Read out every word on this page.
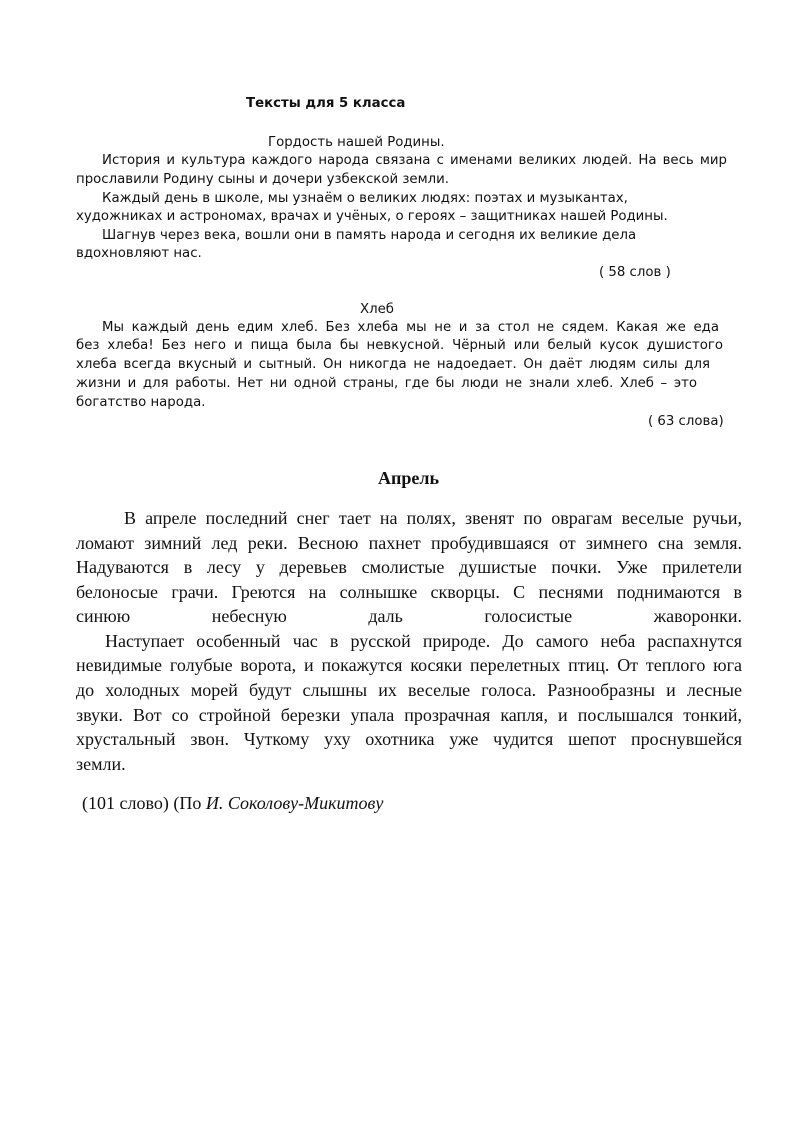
Тексты для 5 класса
Гордость нашей Родины.
История и культура каждого народа связана с именами великих людей. На весь мир
прославили Родину сыны и дочери узбекской земли.
Каждый день в школе, мы узнаём о великих людях: поэтах и музыкантах,
художниках и астрономах, врачах и учёных, о героях – защитниках нашей Родины.
Шагнув через века, вошли они в память народа и сегодня их великие дела
вдохновляют нас.
( 58 слов )
Хлеб
Мы каждый день едим хлеб. Без хлеба мы не и за стол не сядем. Какая же еда
без хлеба! Без него и пища была бы невкусной. Чёрный или белый кусок душистого
хлеба всегда вкусный и сытный. Он никогда не надоедает. Он даёт людям силы для
жизни и для работы. Нет ни одной страны, где бы люди не знали хлеб. Хлеб – это
богатство народа.
( 63 слова)
Апрель
В апреле последний снег тает на полях, звенят по оврагам веселые ручьи,
ломают зимний лед реки. Весною пахнет пробудившаяся от зимнего сна земля.
Надуваются в лесу у деревьев смолистые душистые почки. Уже прилетели
белоносые грачи. Греются на солнышке скворцы. С песнями поднимаются в
синюю небесную даль голосистые жаворонки.
Наступает особенный час в русской природе. До самого неба распахнутся
невидимые голубые ворота, и покажутся косяки перелетных птиц. От теплого юга
до холодных морей будут слышны их веселые голоса. Разнообразны и лесные
звуки. Вот со стройной березки упала прозрачная капля, и послышался тонкий,
хрустальный звон. Чуткому уху охотника уже чудится шепот проснувшейся
земли.
(101 слово) (По И. Соколову-Микитову
